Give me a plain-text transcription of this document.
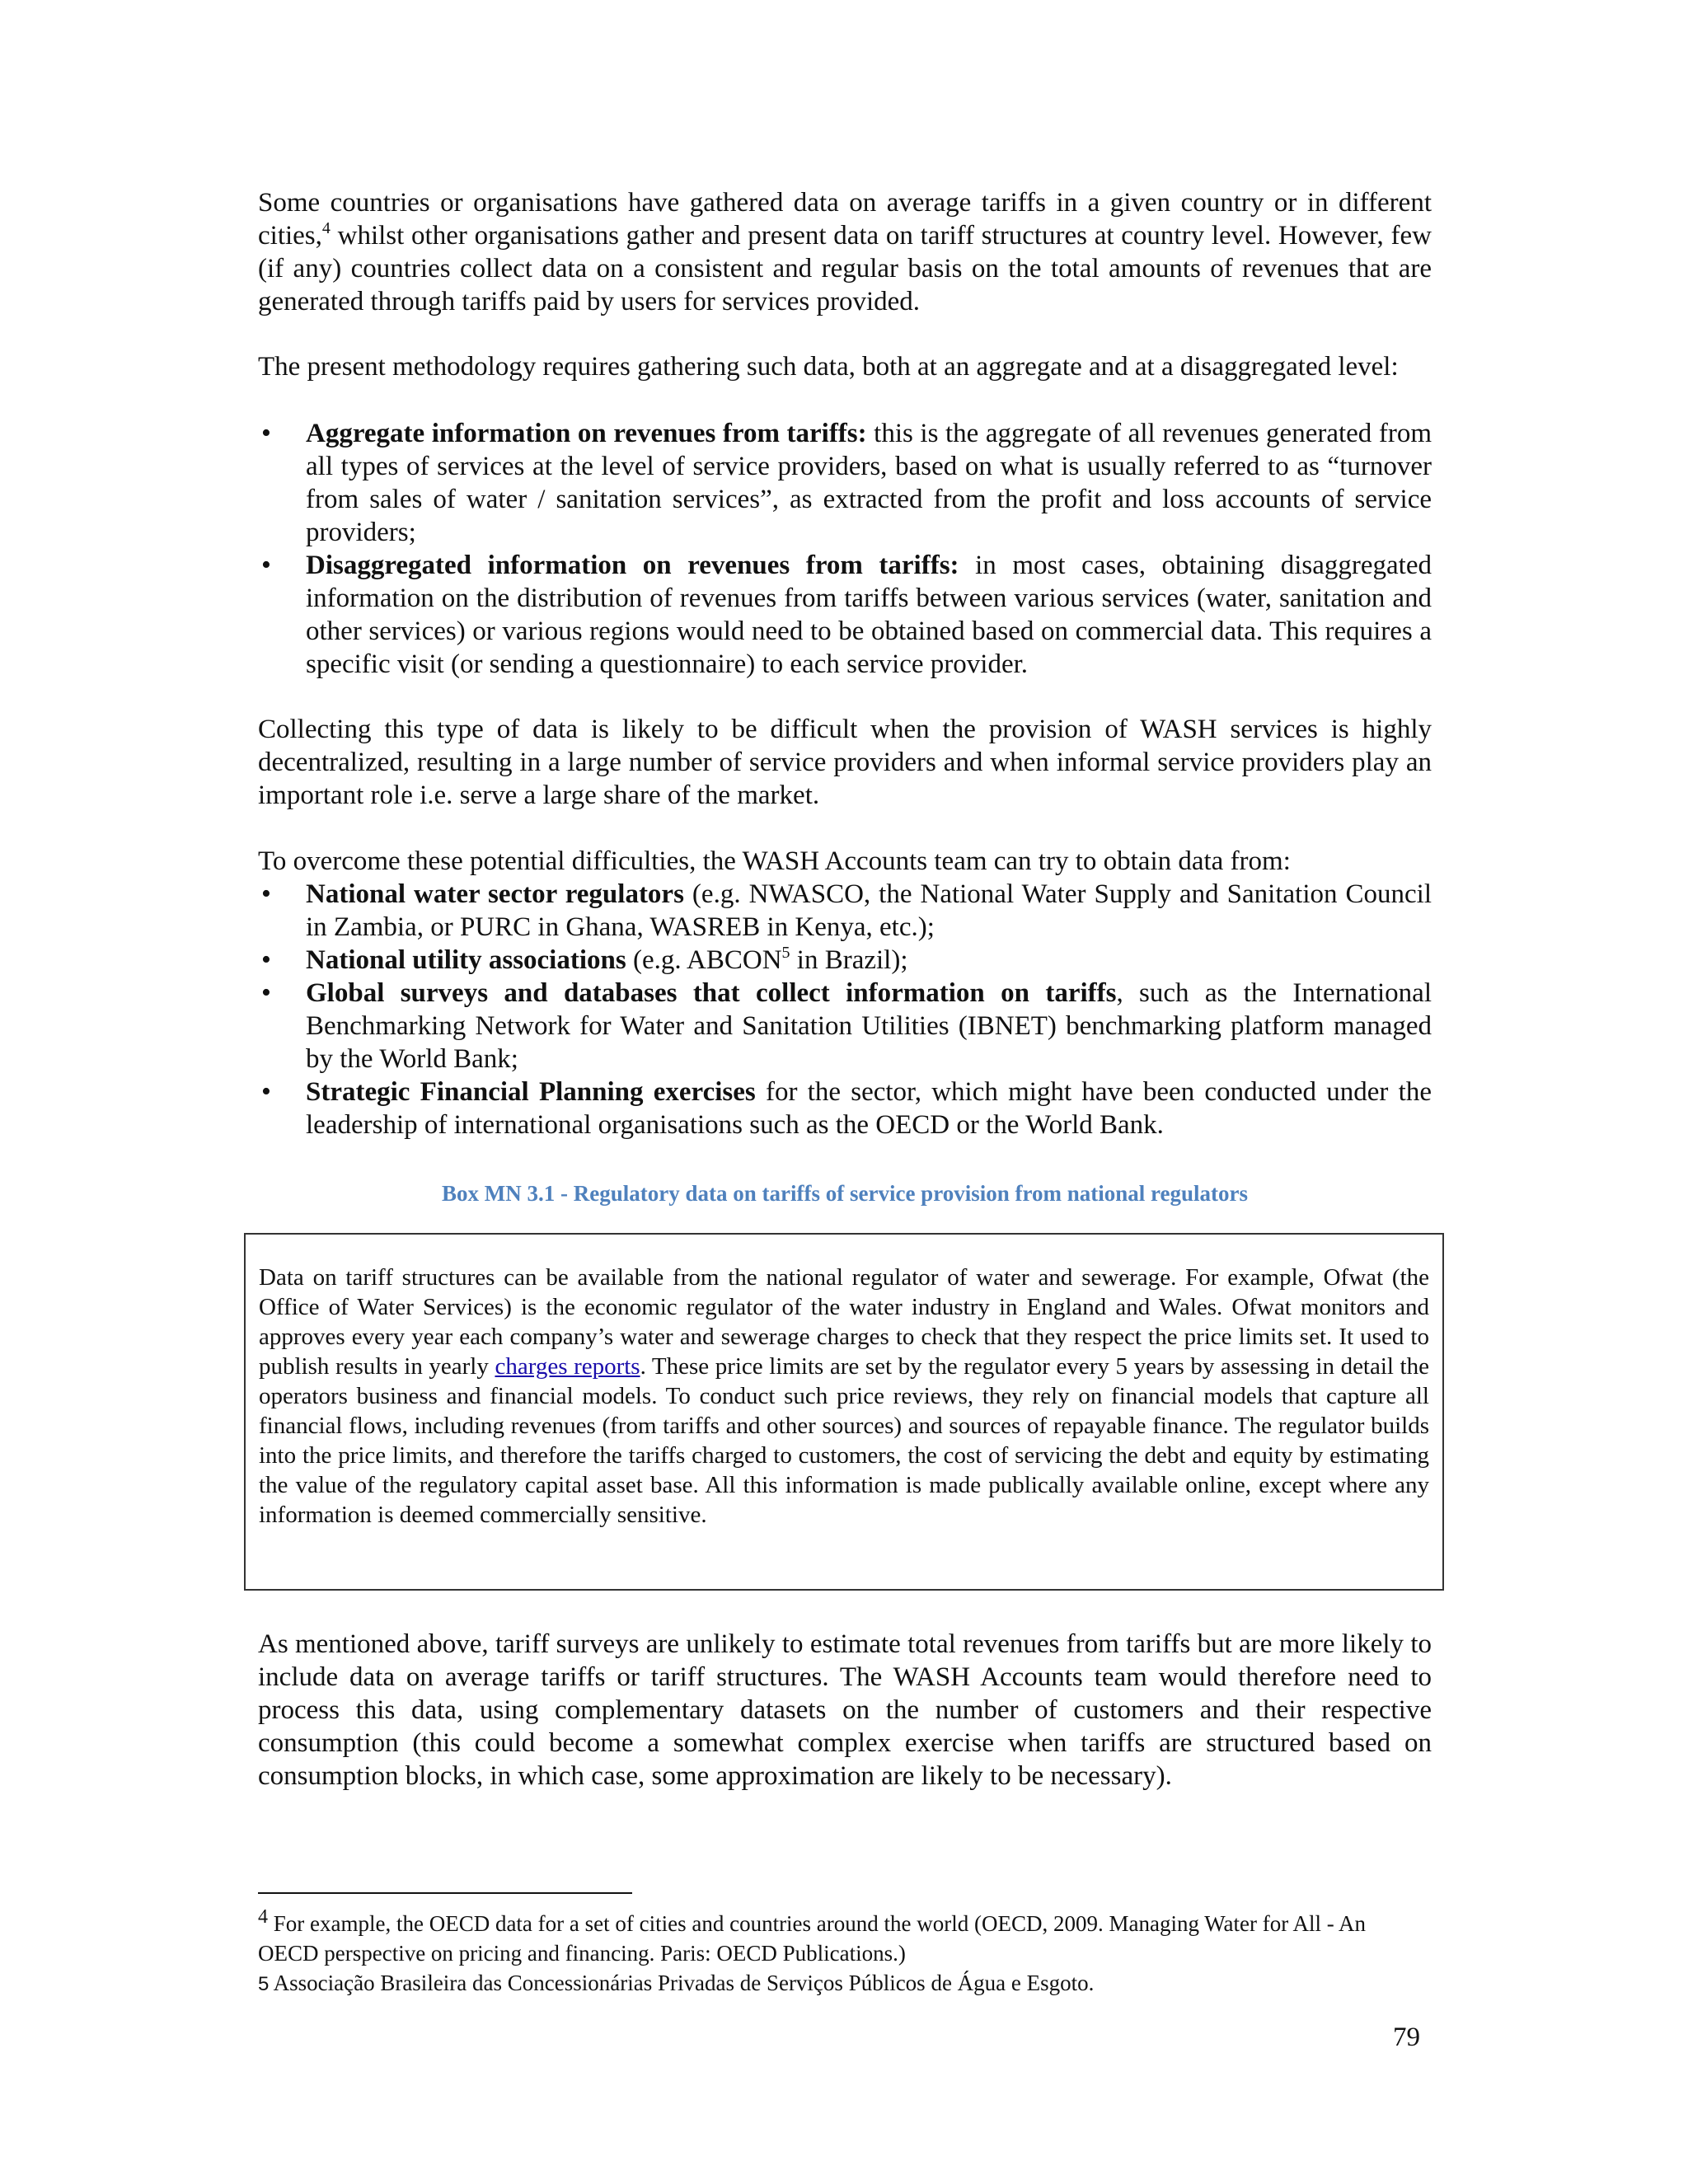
Some countries or organisations have gathered data on average tariffs in a given country or in different cities,$^4$ whilst other organisations gather and present data on tariff structures at country level. However, few (if any) countries collect data on a consistent and regular basis on the total amounts of revenues that are generated through tariffs paid by users for services provided.

The present methodology requires gathering such data, both at an aggregate and at a disaggregated level:

• Aggregate information on revenues from tariffs: this is the aggregate of all revenues generated from all types of services at the level of service providers, based on what is usually referred to as “turnover from sales of water / sanitation services”, as extracted from the profit and loss accounts of service providers;
• Disaggregated information on revenues from tariffs: in most cases, obtaining disaggregated information on the distribution of revenues from tariffs between various services (water, sanitation and other services) or various regions would need to be obtained based on commercial data. This requires a specific visit (or sending a questionnaire) to each service provider.

Collecting this type of data is likely to be difficult when the provision of WASH services is highly decentralized, resulting in a large number of service providers and when informal service providers play an important role i.e. serve a large share of the market.

To overcome these potential difficulties, the WASH Accounts team can try to obtain data from:

• National water sector regulators (e.g. NWASCO, the National Water Supply and Sanitation Council in Zambia, or PURC in Ghana, WASREB in Kenya, etc.);
• National utility associations (e.g. ABCON$^5$ in Brazil);
• Global surveys and databases that collect information on tariffs, such as the International Benchmarking Network for Water and Sanitation Utilities (IBNET) benchmarking platform managed by the World Bank;
• Strategic Financial Planning exercises for the sector, which might have been conducted under the leadership of international organisations such as the OECD or the World Bank.

Box MN 3.1 - Regulatory data on tariffs of service provision from national regulators

Data on tariff structures can be available from the national regulator of water and sewerage. For example, Ofwat (the Office of Water Services) is the economic regulator of the water industry in England and Wales. Ofwat monitors and approves every year each company’s water and sewerage charges to check that they respect the price limits set. It used to publish results in yearly charges reports. These price limits are set by the regulator every 5 years by assessing in detail the operators business and financial models. To conduct such price reviews, they rely on financial models that capture all financial flows, including revenues (from tariffs and other sources) and sources of repayable finance. The regulator builds into the price limits, and therefore the tariffs charged to customers, the cost of servicing the debt and equity by estimating the value of the regulatory capital asset base. All this information is made publically available online, except where any information is deemed commercially sensitive.

As mentioned above, tariff surveys are unlikely to estimate total revenues from tariffs but are more likely to include data on average tariffs or tariff structures. The WASH Accounts team would therefore need to process this data, using complementary datasets on the number of customers and their respective consumption (this could become a somewhat complex exercise when tariffs are structured based on consumption blocks, in which case, some approximation are likely to be necessary).

$^4$ For example, the OECD data for a set of cities and countries around the world (OECD, 2009. Managing Water for All - An OECD perspective on pricing and financing. Paris: OECD Publications.)

5 Associação Brasileira das Concessionárias Privadas de Serviços Públicos de Água e Esgoto.

79
